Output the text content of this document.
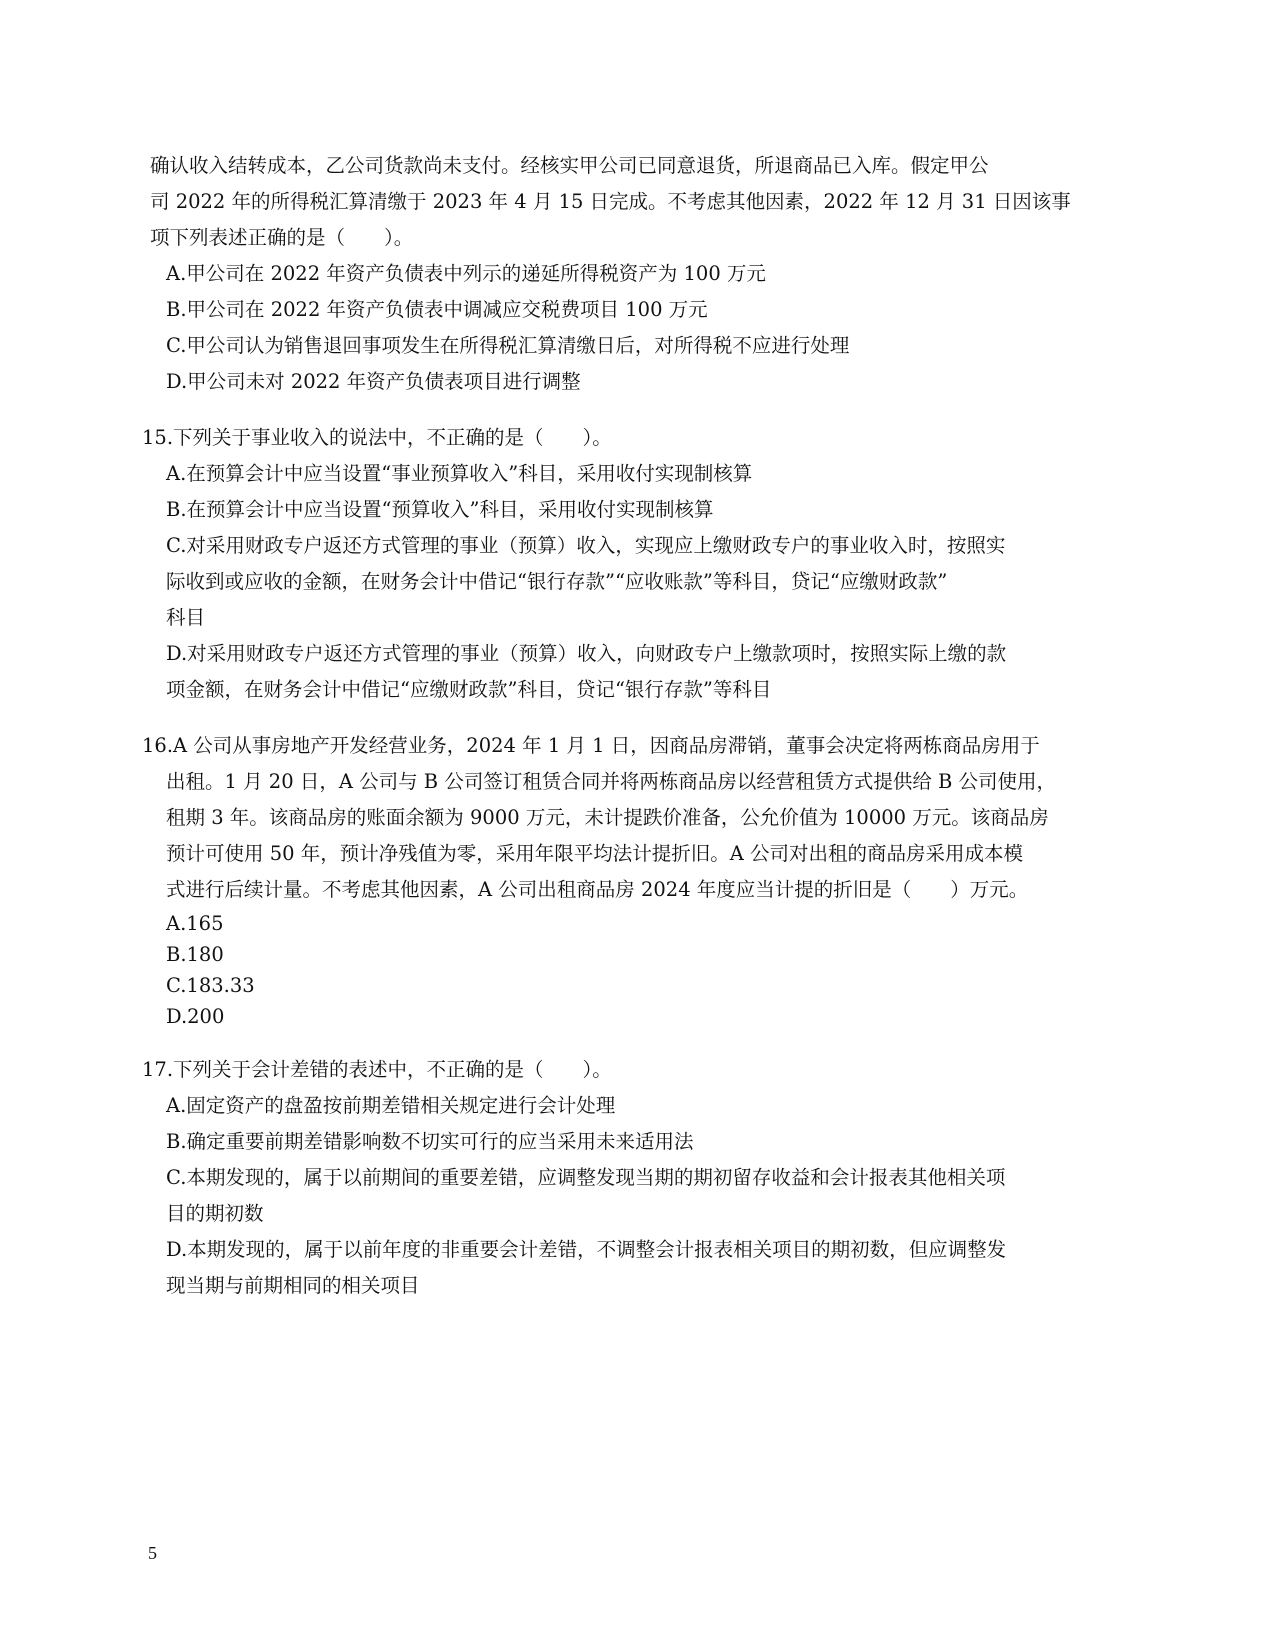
确认收入结转成本，乙公司货款尚未支付。经核实甲公司已同意退货，所退商品已入库。假定甲公
司 2022 年的所得税汇算清缴于 2023 年 4 月 15 日完成。不考虑其他因素，2022 年 12 月 31 日因该事
项下列表述正确的是（　　）。
A.甲公司在 2022 年资产负债表中列示的递延所得税资产为 100 万元
B.甲公司在 2022 年资产负债表中调减应交税费项目 100 万元
C.甲公司认为销售退回事项发生在所得税汇算清缴日后，对所得税不应进行处理
D.甲公司未对 2022 年资产负债表项目进行调整
15.下列关于事业收入的说法中，不正确的是（　　）。
A.在预算会计中应当设置“事业预算收入”科目，采用收付实现制核算
B.在预算会计中应当设置“预算收入”科目，采用收付实现制核算
C.对采用财政专户返还方式管理的事业（预算）收入，实现应上缴财政专户的事业收入时，按照实
际收到或应收的金额，在财务会计中借记“银行存款”“应收账款”等科目，贷记“应缴财政款”
科目
D.对采用财政专户返还方式管理的事业（预算）收入，向财政专户上缴款项时，按照实际上缴的款
项金额，在财务会计中借记“应缴财政款”科目，贷记“银行存款”等科目
16.A 公司从事房地产开发经营业务，2024 年 1 月 1 日，因商品房滞销，董事会决定将两栋商品房用于
出租。1 月 20 日，A 公司与 B 公司签订租赁合同并将两栋商品房以经营租赁方式提供给 B 公司使用，
租期 3 年。该商品房的账面余额为 9000 万元，未计提跌价准备，公允价值为 10000 万元。该商品房
预计可使用 50 年，预计净残值为零，采用年限平均法计提折旧。A 公司对出租的商品房采用成本模
式进行后续计量。不考虑其他因素，A 公司出租商品房 2024 年度应当计提的折旧是（　　）万元。
A.165
B.180
C.183.33
D.200
17.下列关于会计差错的表述中，不正确的是（　　）。
A.固定资产的盘盈按前期差错相关规定进行会计处理
B.确定重要前期差错影响数不切实可行的应当采用未来适用法
C.本期发现的，属于以前期间的重要差错，应调整发现当期的期初留存收益和会计报表其他相关项
目的期初数
D.本期发现的，属于以前年度的非重要会计差错，不调整会计报表相关项目的期初数，但应调整发
现当期与前期相同的相关项目
5
